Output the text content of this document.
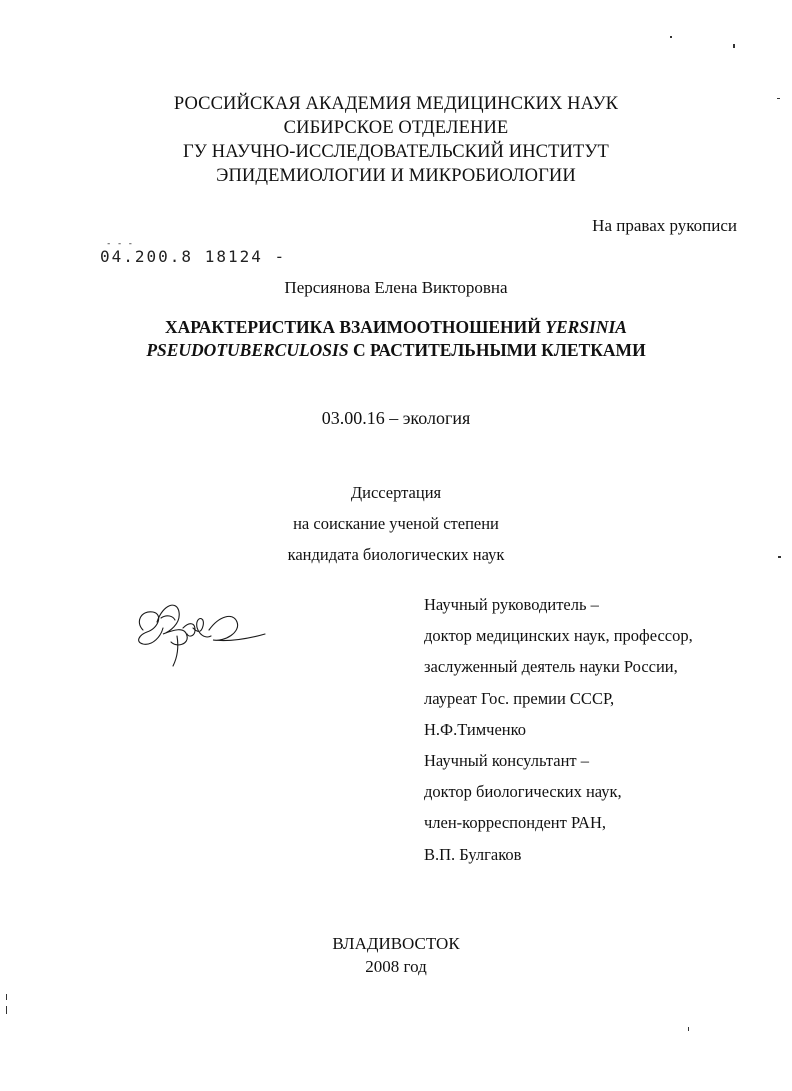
РОССИЙСКАЯ АКАДЕМИЯ МЕДИЦИНСКИХ НАУК
СИБИРСКОЕ ОТДЕЛЕНИЕ
ГУ НАУЧНО-ИССЛЕДОВАТЕЛЬСКИЙ ИНСТИТУТ
ЭПИДЕМИОЛОГИИ И МИКРОБИОЛОГИИ
На правах рукописи
- - -
04.200.8 18124 -
Персиянова Елена Викторовна
ХАРАКТЕРИСТИКА ВЗАИМООТНОШЕНИЙ YERSINIA
PSEUDOTUBERCULOSIS С РАСТИТЕЛЬНЫМИ КЛЕТКАМИ
03.00.16 – экология
Диссертация
на соискание ученой степени
кандидата биологических наук
Научный руководитель –
доктор медицинских наук, профессор,
заслуженный деятель науки России,
лауреат Гос. премии СССР,
Н.Ф.Тимченко
Научный консультант –
доктор биологических наук,
член-корреспондент РАН,
В.П. Булгаков
ВЛАДИВОСТОК
2008 год
